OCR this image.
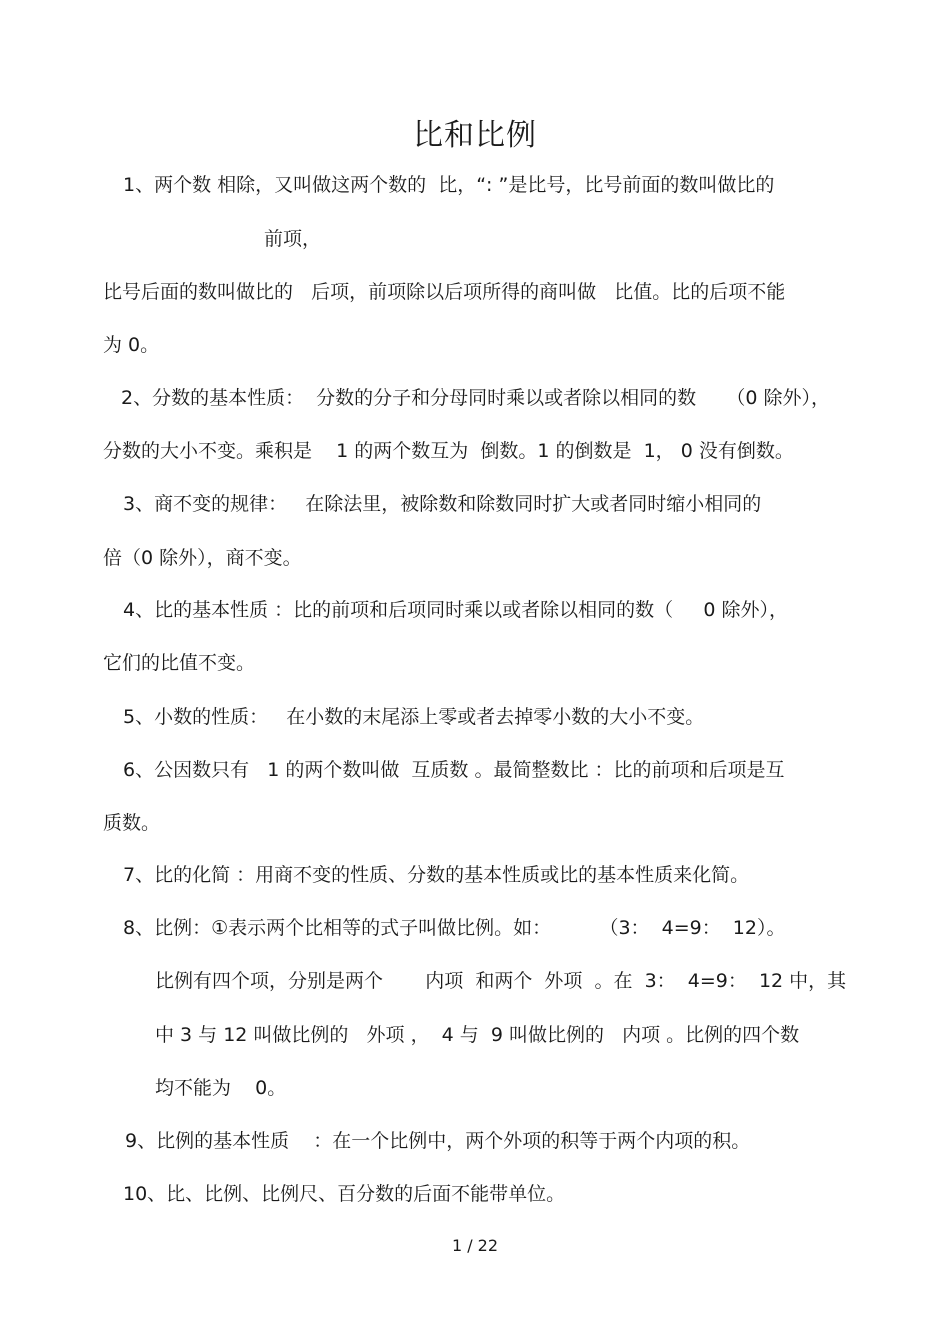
比和比例
1、两个数 相除，又叫做这两个数的  比，“: ”是比号，比号前面的数叫做比的
前项，
比号后面的数叫做比的   后项，前项除以后项所得的商叫做   比值。比的后项不能
为 0。
2、分数的基本性质：  分数的分子和分母同时乘以或者除以相同的数     （0 除外），
分数的大小不变。乘积是    1 的两个数互为  倒数。1 的倒数是  1， 0 没有倒数。
3、商不变的规律：   在除法里，被除数和除数同时扩大或者同时缩小相同的
倍（0 除外），商不变。
4、比的基本性质 ：比的前项和后项同时乘以或者除以相同的数（     0 除外），
它们的比值不变。
5、小数的性质：   在小数的末尾添上零或者去掉零小数的大小不变。
6、公因数只有   1 的两个数叫做  互质数 。最简整数比 ：比的前项和后项是互
质数。
7、比的化简 ：用商不变的性质、分数的基本性质或比的基本性质来化简。
8、比例：①表示两个比相等的式子叫做比例。如：        （3：  4=9：  12）。
比例有四个项，分别是两个       内项  和两个  外项  。在  3：  4=9：  12 中，其
中 3 与 12 叫做比例的   外项 ，  4 与  9 叫做比例的   内项 。比例的四个数
均不能为    0。
9、比例的基本性质    ：在一个比例中，两个外项的积等于两个内项的积。
10、比、比例、比例尺、百分数的后面不能带单位。
1 / 22
